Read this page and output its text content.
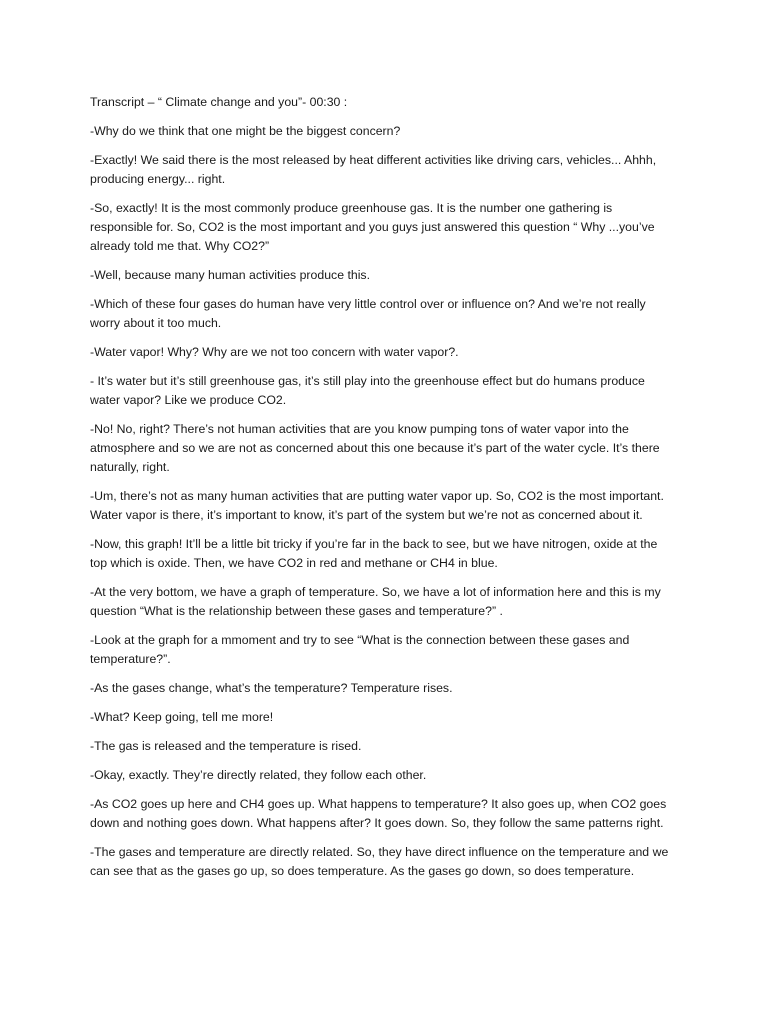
Transcript – “ Climate change and you”- 00:30 :

-Why do we think that one might be the biggest concern?

-Exactly! We said there is the most released by heat different activities like driving cars, vehicles... Ahhh, producing energy... right.

-So, exactly! It is the most commonly produce greenhouse gas. It is the number one gathering is responsible for. So, CO2 is the most important and you guys just answered this question “ Why ...you’ve already told me that. Why CO2?”

-Well, because many human activities produce this.

-Which of these four gases do human have very little control over or influence on? And we’re not really worry about it too much.

-Water vapor! Why? Why are we not too concern with water vapor?.

- It’s water but it’s still greenhouse gas, it’s still play into the greenhouse effect but do humans produce water vapor? Like we produce CO2.

-No! No, right? There’s not human activities that are you know pumping tons of water vapor into the atmosphere and so we are not as concerned about this one because it’s part of the water cycle. It’s there naturally, right.

-Um, there’s not as many human activities that are putting water vapor up. So, CO2 is the most important. Water vapor is there, it’s important to know, it’s part of the system but we’re not as concerned about it.

-Now, this graph! It’ll be a little bit tricky if you’re far in the back to see, but we have nitrogen, oxide at the top which is oxide. Then, we have CO2 in red and methane or CH4 in blue.

-At the very bottom, we have a graph of temperature. So, we have a lot of information here and this is my question “What is the relationship between these gases and temperature?” .

-Look at the graph for a mmoment and try to see “What is the connection between these gases and temperature?”.

-As the gases change, what’s the temperature? Temperature rises.

-What? Keep going, tell me more!

-The gas is released and the temperature is rised.

-Okay, exactly. They’re directly related, they follow each other.

-As CO2 goes up here and CH4 goes up. What happens to temperature? It also goes up, when CO2 goes down and nothing goes down. What happens after? It goes down. So, they follow the same patterns right.

-The gases and temperature are directly related. So, they have direct influence on the temperature and we can see that as the gases go up, so does temperature. As the gases go down, so does temperature.
